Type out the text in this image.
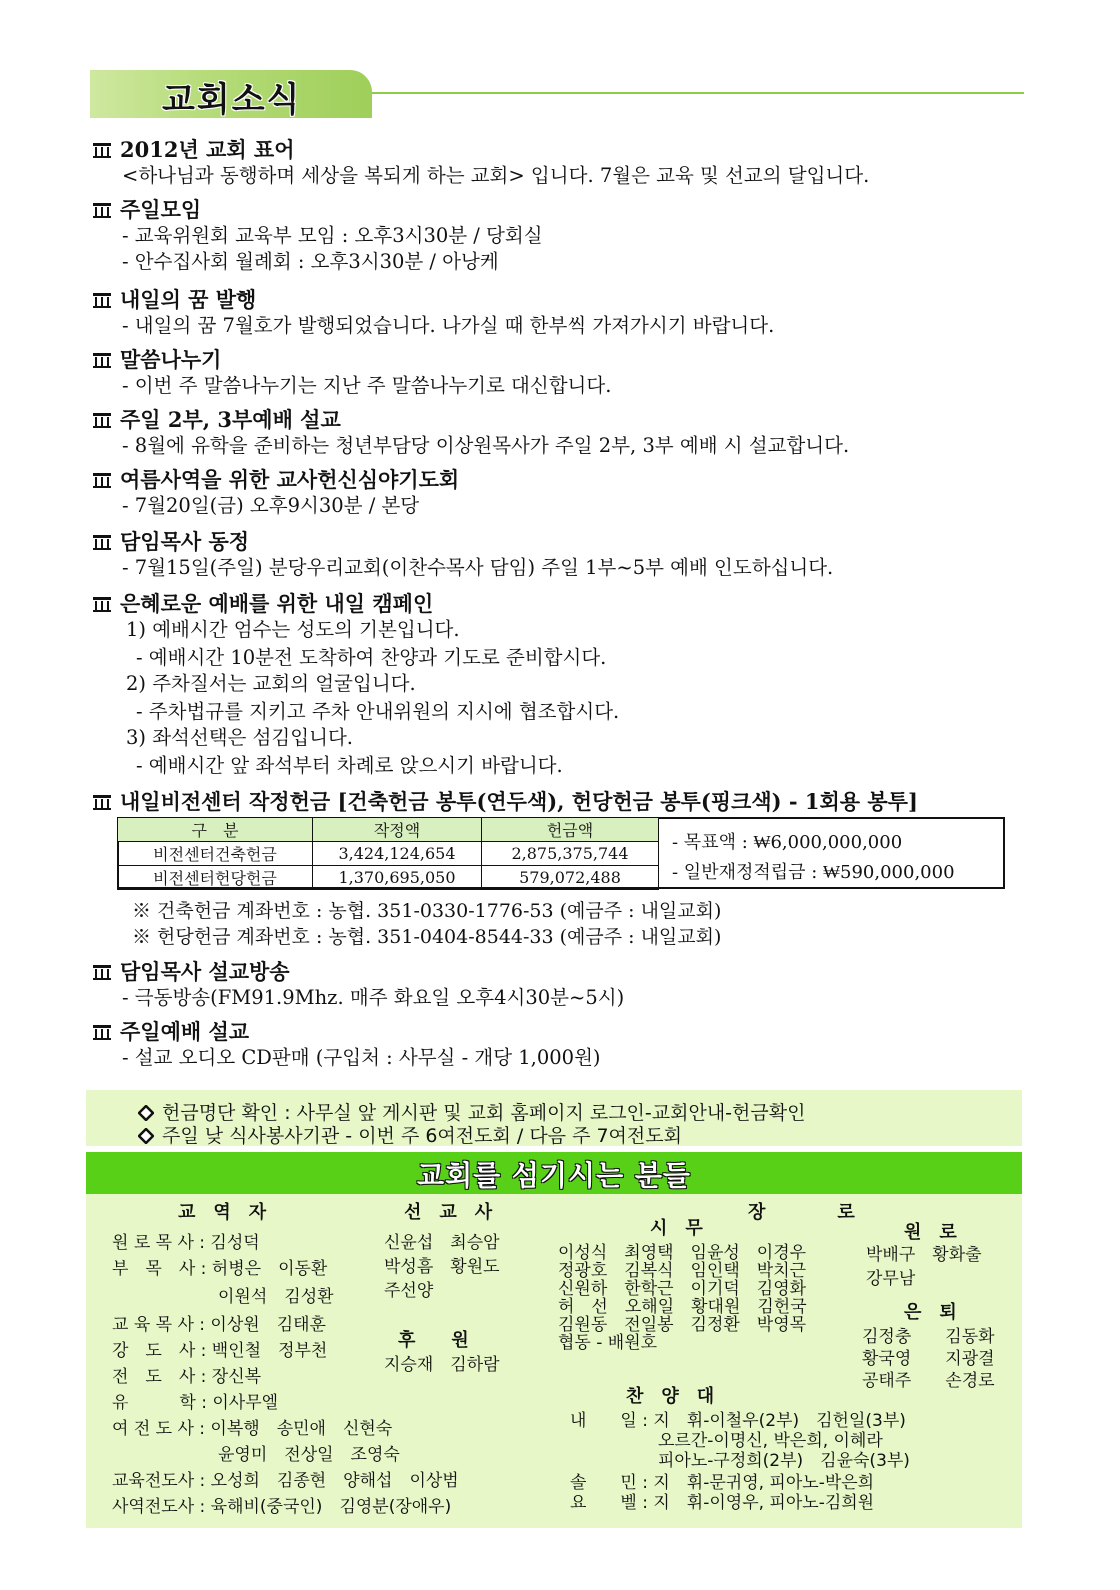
교회소식
2012년 교회 표어
<하나님과 동행하며 세상을 복되게 하는 교회> 입니다. 7월은 교육 및 선교의 달입니다.
주일모임
- 교육위원회 교육부 모임 : 오후3시30분 / 당회실
- 안수집사회 월례회 : 오후3시30분 / 아낭케
내일의 꿈 발행
- 내일의 꿈 7월호가 발행되었습니다. 나가실 때 한부씩 가져가시기 바랍니다.
말씀나누기
- 이번 주 말씀나누기는 지난 주 말씀나누기로 대신합니다.
주일 2부, 3부예배 설교
- 8월에 유학을 준비하는 청년부담당 이상원목사가 주일 2부, 3부 예배 시 설교합니다.
여름사역을 위한 교사헌신심야기도회
- 7월20일(금) 오후9시30분 / 본당
담임목사 동정
- 7월15일(주일) 분당우리교회(이찬수목사 담임) 주일 1부~5부 예배 인도하십니다.
은혜로운 예배를 위한 내일 캠페인
1) 예배시간 엄수는 성도의 기본입니다.
- 예배시간 10분전 도착하여 찬양과 기도로 준비합시다.
2) 주차질서는 교회의 얼굴입니다.
- 주차법규를 지키고 주차 안내위원의 지시에 협조합시다.
3) 좌석선택은 섬김입니다.
- 예배시간 앞 좌석부터 차례로 앉으시기 바랍니다.
내일비전센터 작정헌금 [건축헌금 봉투(연두색), 헌당헌금 봉투(핑크색) - 1회용 봉투]
담임목사 설교방송
- 극동방송(FM91.9Mhz. 매주 화요일 오후4시30분~5시)
주일예배 설교
- 설교 오디오 CD판매 (구입처 : 사무실 - 개당 1,000원)
구　분	작정액	헌금액
비전센터건축헌금	3,424,124,654	2,875,375,744
비전센터헌당헌금	1,370,695,050	579,072,488
- 목표액 : ₩6,000,000,000
- 일반재정적립금 : ₩590,000,000
※ 건축헌금 계좌번호 : 농협. 351-0330-1776-53 (예금주 : 내일교회)
※ 헌당헌금 계좌번호 : 농협. 351-0404-8544-33 (예금주 : 내일교회)
헌금명단 확인 : 사무실 앞 게시판 및 교회 홈페이지 로그인-교회안내-헌금확인
주일 낮 식사봉사기관 - 이번 주 6여전도회 / 다음 주 7여전도회
교회를 섬기시는 분들
교　역　자
원 로 목 사 : 김성덕
부　목　사 : 허병은　이동환
이원석　김성환
교 육 목 사 : 이상원　김태훈
강　도　사 : 백인철　정부천
전　도　사 : 장신복
유　　　학 : 이사무엘
여 전 도 사 : 이복행　송민애　신현숙
윤영미　전상일　조영숙
교육전도사 : 오성희　김종현　양해섭　이상범
사역전도사 : 육해비(중국인)　김영분(장애우)
선　교　사
신윤섭　최승암
박성흠　황원도
주선양
후　　원
지승재　김하람
장　　　　로
시　무
이성식　최영택　임윤성　이경우
정광호　김복식　임인택　박치근
신원하　한학근　이기덕　김영화
허　선　오해일　황대원　김헌국
김원동　전일봉　김정환　박영목
협동 - 배원호
원　로
박배구　황화출
강무남
은　퇴
김정충　　김동화
황국영　　지광결
공태주　　손경로
찬　양　대
내　　일 : 지　휘-이철우(2부)　김헌일(3부)
오르간-이명신, 박은희, 이혜라
피아노-구정희(2부)　김윤숙(3부)
솔　　민 : 지　휘-문귀영, 피아노-박은희
요　　벨 : 지　휘-이영우, 피아노-김희원
